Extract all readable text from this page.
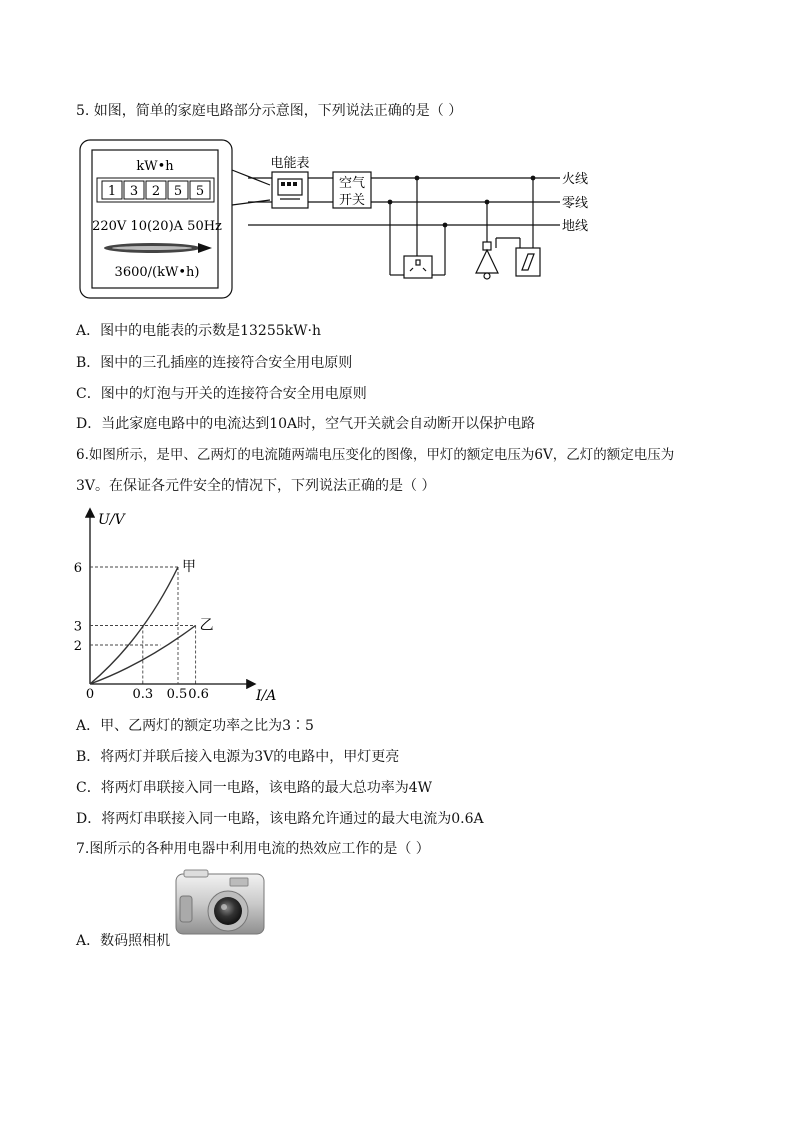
5. 如图，简单的家庭电路部分示意图，下列说法正确的是（ ）
kW•h
1 3 2 5 5
220V 10(20)A 50Hz
3600/(kW•h)
电能表
空气
开关
火线
零线
地线
A．图中的电能表的示数是13255kW·h
B．图中的三孔插座的连接符合安全用电原则
C．图中的灯泡与开关的连接符合安全用电原则
D．当此家庭电路中的电流达到10A时，空气开关就会自动断开以保护电路
6.如图所示，是甲、乙两灯的电流随两端电压变化的图像，甲灯的额定电压为6V，乙灯的额定电压为
3V。在保证各元件安全的情况下，下列说法正确的是（ ）
甲
乙
0.3 0.5 0.6
2
3
6
U/V
I/A
0
A．甲、乙两灯的额定功率之比为3∶5
B．将两灯并联后接入电源为3V的电路中，甲灯更亮
C．将两灯串联接入同一电路，该电路的最大总功率为4W
D．将两灯串联接入同一电路，该电路允许通过的最大电流为0.6A
7.图所示的各种用电器中利用电流的热效应工作的是（ ）
A．数码照相机
